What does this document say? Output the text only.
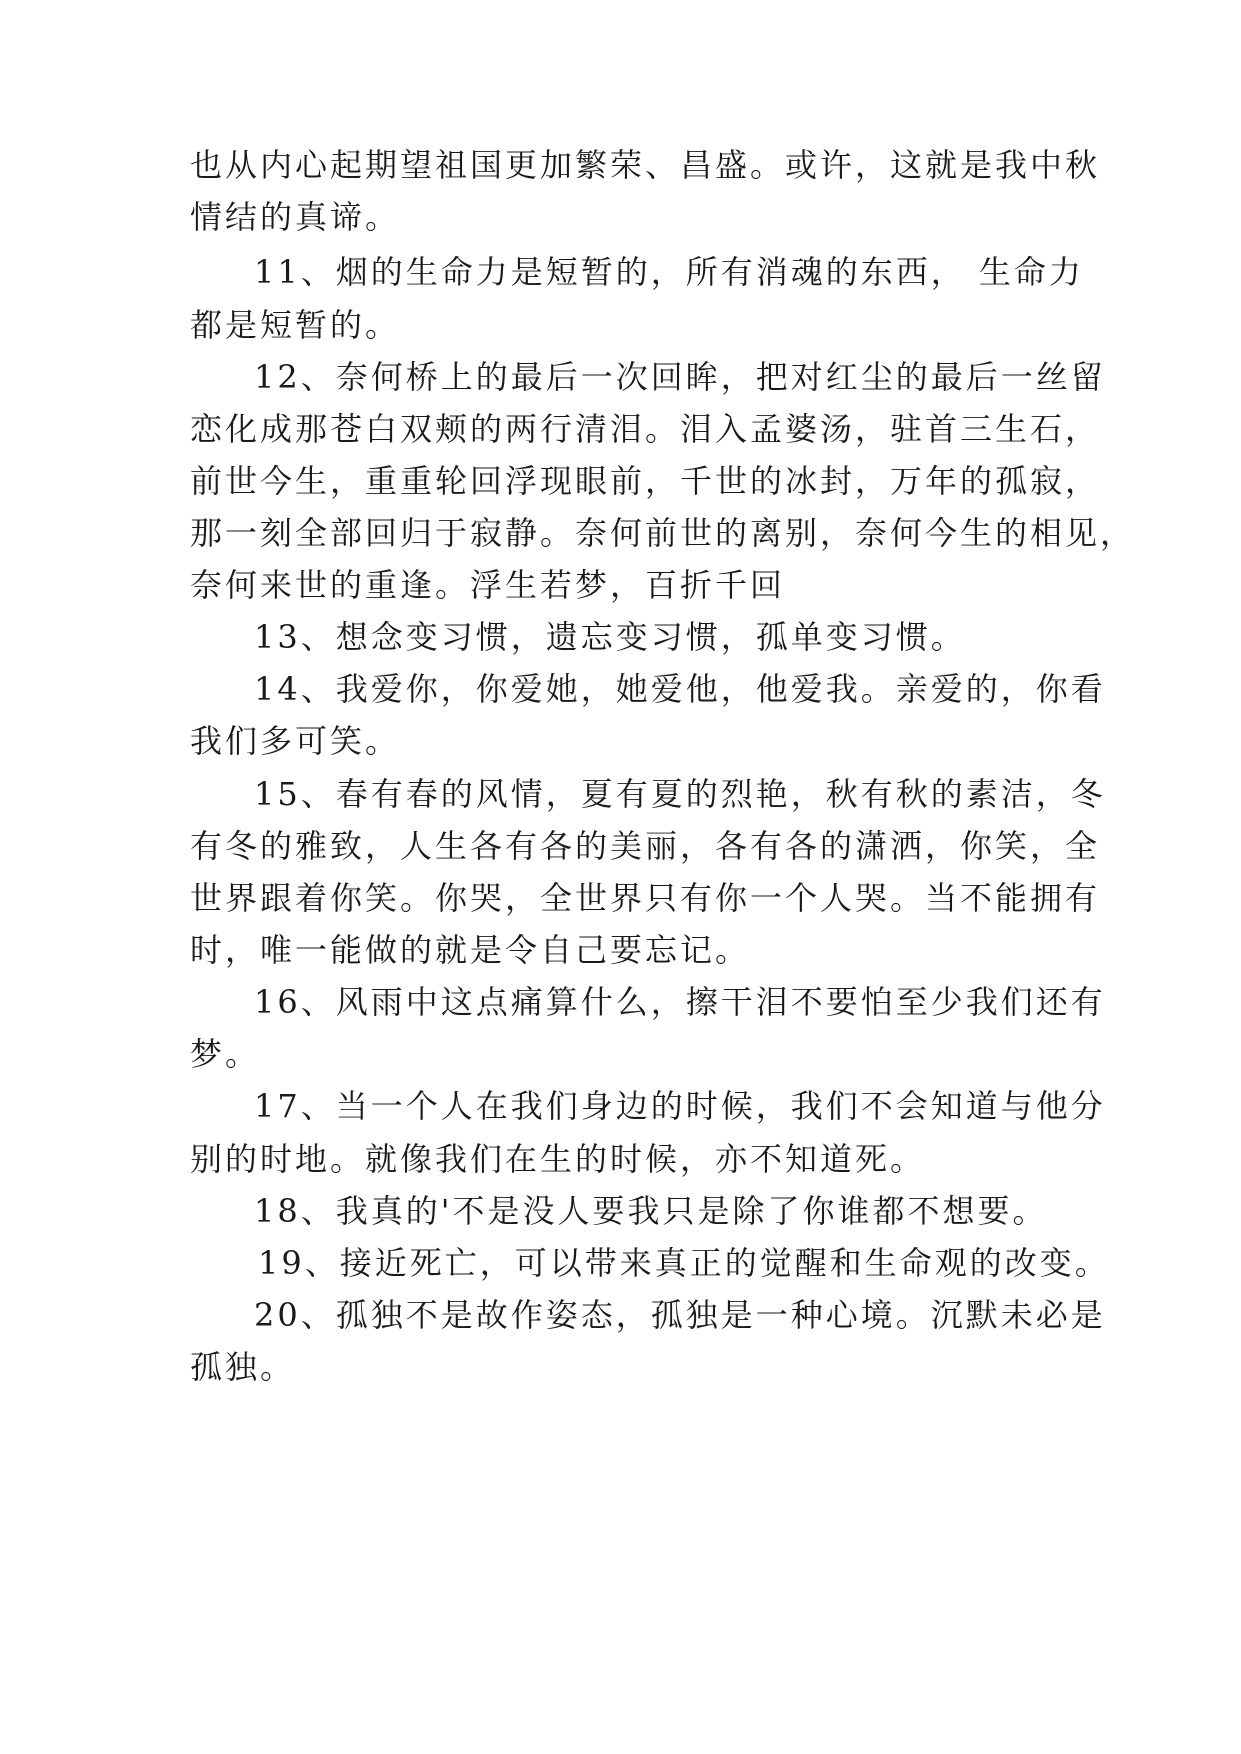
也从内心起期望祖国更加繁荣、昌盛。或许，这就是我中秋
情结的真谛。
11、烟的生命力是短暂的，所有消魂的东西， 生命力
都是短暂的。
12、奈何桥上的最后一次回眸，把对红尘的最后一丝留
恋化成那苍白双颊的两行清泪。泪入孟婆汤，驻首三生石，
前世今生，重重轮回浮现眼前，千世的冰封，万年的孤寂，
那一刻全部回归于寂静。奈何前世的离别，奈何今生的相见，
奈何来世的重逢。浮生若梦，百折千回
13、想念变习惯，遗忘变习惯，孤单变习惯。
14、我爱你，你爱她，她爱他，他爱我。亲爱的，你看
我们多可笑。
15、春有春的风情，夏有夏的烈艳，秋有秋的素洁，冬
有冬的雅致，人生各有各的美丽，各有各的潇洒，你笑，全
世界跟着你笑。你哭，全世界只有你一个人哭。当不能拥有
时，唯一能做的就是令自己要忘记。
16、风雨中这点痛算什么，擦干泪不要怕至少我们还有
梦。
17、当一个人在我们身边的时候，我们不会知道与他分
别的时地。就像我们在生的时候，亦不知道死。
18、我真的'不是没人要我只是除了你谁都不想要。
19、接近死亡，可以带来真正的觉醒和生命观的改变。
20、孤独不是故作姿态，孤独是一种心境。沉默未必是
孤独。
